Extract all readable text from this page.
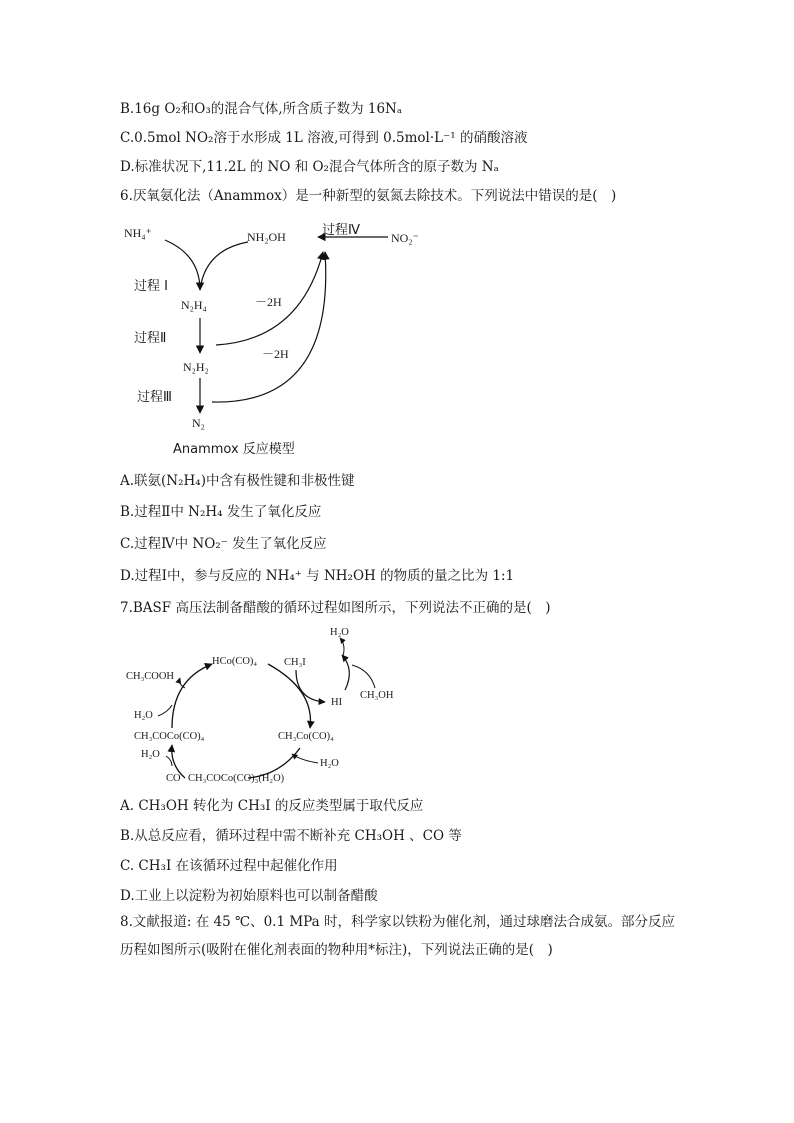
B.16g O₂和O₃的混合气体,所含质子数为 16Nₐ
C.0.5mol NO₂溶于水形成 1L 溶液,可得到 0.5mol·L⁻¹ 的硝酸溶液
D.标准状况下,11.2L 的 NO 和 O₂混合气体所含的原子数为 Nₐ
6.厌氧氨化法（Anammox）是一种新型的氨氮去除技术。下列说法中错误的是(　)
NH₄⁺	NH₂OH	过程Ⅳ	NO₂⁻
过程 Ⅰ
N₂H₄	－2H
过程Ⅱ
－2H
N₂H₂
过程Ⅲ
N₂
Anammox 反应模型
A.联氨(N₂H₄)中含有极性键和非极性键
B.过程Ⅱ中 N₂H₄ 发生了氧化反应
C.过程Ⅳ中 NO₂⁻ 发生了氧化反应
D.过程Ⅰ中，参与反应的 NH₄⁺ 与 NH₂OH 的物质的量之比为 1:1
7.BASF 高压法制备醋酸的循环过程如图所示，下列说法不正确的是(　)
HCo(CO)₄
CH₃COOH
CH₃I
H₂O
CH₃OH
HI
H₂O
CH₃COCo(CO)₄	CH₃Co(CO)₄
H₂O
CO CH₃COCo(CO)₃(H₂O)
H₂O
A. CH₃OH 转化为 CH₃I 的反应类型属于取代反应
B.从总反应看，循环过程中需不断补充 CH₃OH 、CO 等
C. CH₃I 在该循环过程中起催化作用
D.工业上以淀粉为初始原料也可以制备醋酸
8.文献报道: 在 45 ℃、0.1 MPa 时，科学家以铁粉为催化剂，通过球磨法合成氨。部分反应
历程如图所示(吸附在催化剂表面的物种用*标注)，下列说法正确的是(　)
